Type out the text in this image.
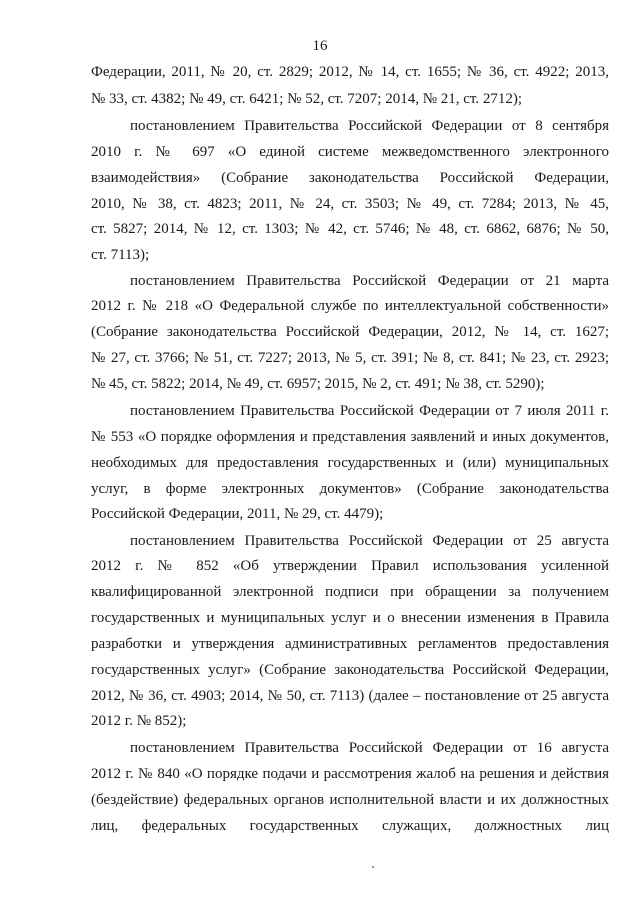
16
Федерации, 2011, № 20, ст. 2829; 2012, № 14, ст. 1655; № 36, ст. 4922; 2013,
№ 33, ст. 4382; № 49, ст. 6421; № 52, ст. 7207; 2014, № 21, ст. 2712);
постановлением Правительства Российской Федерации от 8 сентября
2010 г. № 697 «О единой системе межведомственного электронного
взаимодействия» (Собрание законодательства Российской Федерации,
2010, № 38, ст. 4823; 2011, № 24, ст. 3503; № 49, ст. 7284; 2013, № 45,
ст. 5827; 2014, № 12, ст. 1303; № 42, ст. 5746; № 48, ст. 6862, 6876; № 50,
ст. 7113);
постановлением Правительства Российской Федерации от 21 марта
2012 г. № 218 «О Федеральной службе по интеллектуальной собственности»
(Собрание законодательства Российской Федерации, 2012, № 14, ст. 1627;
№ 27, ст. 3766; № 51, ст. 7227; 2013, № 5, ст. 391; № 8, ст. 841; № 23, ст. 2923;
№ 45, ст. 5822; 2014, № 49, ст. 6957; 2015, № 2, ст. 491; № 38, ст. 5290);
постановлением Правительства Российской Федерации от 7 июля 2011 г.
№ 553 «О порядке оформления и представления заявлений и иных документов,
необходимых для предоставления государственных и (или) муниципальных
услуг, в форме электронных документов» (Собрание законодательства
Российской Федерации, 2011, № 29, ст. 4479);
постановлением Правительства Российской Федерации от 25 августа
2012 г. № 852 «Об утверждении Правил использования усиленной
квалифицированной электронной подписи при обращении за получением
государственных и муниципальных услуг и о внесении изменения в Правила
разработки и утверждения административных регламентов предоставления
государственных услуг» (Собрание законодательства Российской Федерации,
2012, № 36, ст. 4903; 2014, № 50, ст. 7113) (далее – постановление от 25 августа
2012 г. № 852);
постановлением Правительства Российской Федерации от 16 августа
2012 г. № 840 «О порядке подачи и рассмотрения жалоб на решения и действия
(бездействие) федеральных органов исполнительной власти и их должностных
лиц, федеральных государственных служащих, должностных лиц
